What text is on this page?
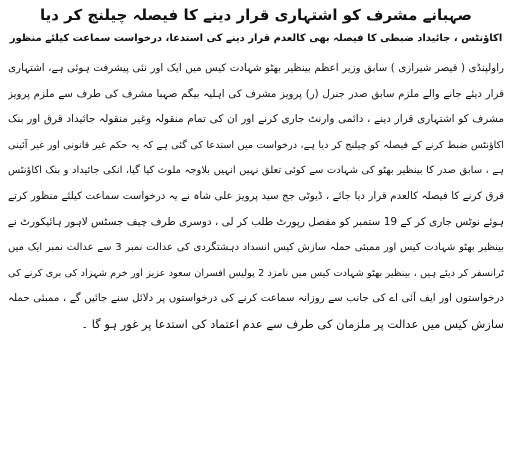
صہبانے مشرف کو اشتہاری قرار دینے کا فیصلہ چیلنج کر دیا
اکاؤنٹس ، جائیداد ضبطی کا فیصلہ بھی کالعدم قرار دینے کی استدعا، درخواست سماعت کیلئے منظور
راولپنڈی ( قیصر شیرازی ) سابق وزیر اعظم بینظیر بھٹو شہادت کیس میں ایک اور نئی پیشرفت ہوئی ہے، اشتہاری
قرار دیئے جانے والے ملزم سابق صدر جنرل (ر) پرویز مشرف کی اہلیہ بیگم صہبا مشرف کی طرف سے ملزم پرویز
مشرف کو اشتہاری قرار دینے ، دائمی وارنٹ جاری کرنے اور ان کی تمام منقولہ وغیر منقولہ جائیداد قرق اور بنک
اکاؤنٹس ضبط کرنے کے فیصلہ کو چیلنج کر دیا ہے، درخواست میں استدعا کی گئی ہے کہ یہ حکم غیر قانونی اور غیر آئینی
ہے ، سابق صدر کا بینظیر بھٹو کی شہادت سے کوئی تعلق نہیں انہیں بلاوجہ ملوث کیا گیا، انکی جائیداد و بنک اکاؤنٹس
قرق کرنے کا فیصلہ کالعدم قرار دیا جائے ، ڈیوٹی جج سید پرویز علی شاہ نے یہ درخواست سماعت کیلئے منظور کرتے
ہوئے نوٹس جاری کر کے 19 ستمبر کو مفصل رپورٹ طلب کر لی ، دوسری طرف چیف جسٹس لاہور ہائیکورٹ نے
بینظیر بھٹو شہادت کیس اور ممبئی حملہ سازش کیس انسداد دہشتگردی کی عدالت نمبر 3 سے عدالت نمبر ایک میں
ٹرانسفر کر دیئے ہیں ، بینظیر بھٹو شہادت کیس میں نامزد 2 پولیس افسران سعود عزیز اور خرم شہزاد کی بری کرنے کی
درخواستوں اور ایف آئی اے کی جانب سے روزانہ سماعت کرنے کی درخواستوں پر دلائل سنے جائیں گے ، ممبئی حملہ
سازش کیس میں عدالت پر ملزمان کی طرف سے عدم اعتماد کی استدعا پر غور ہو گا ۔
